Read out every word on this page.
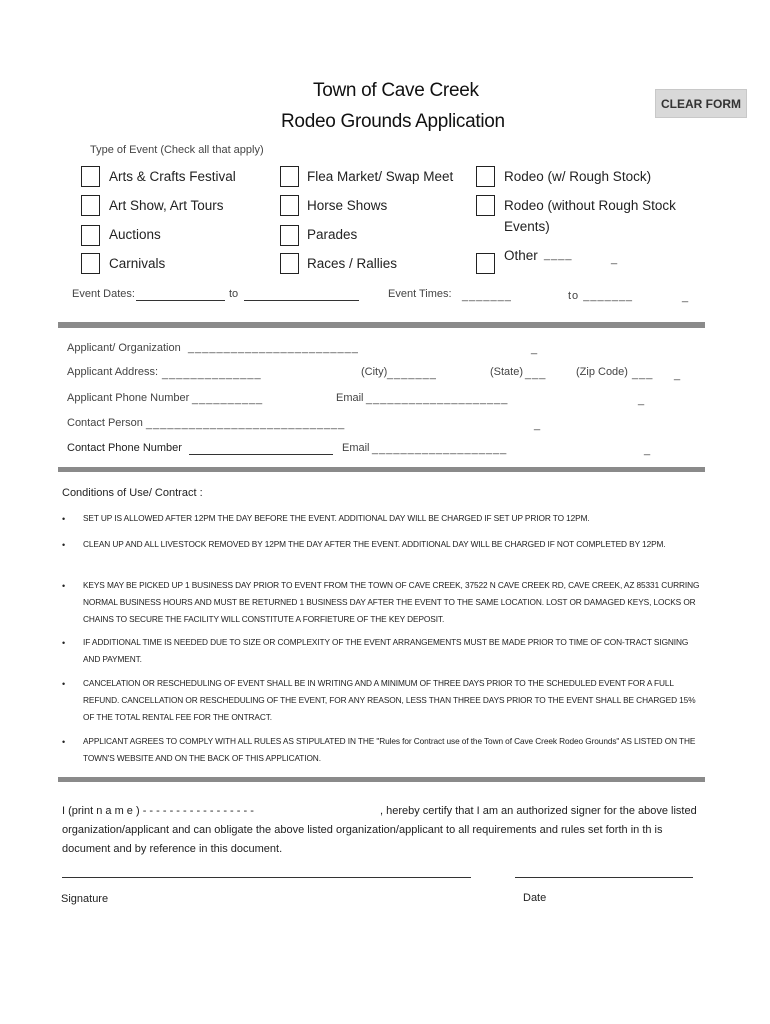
Town of Cave Creek
Rodeo Grounds Application
CLEAR FORM
Type of Event (Check all that apply)
Arts & Crafts Festival
Art Show, Art Tours
Auctions
Carnivals
Flea Market/ Swap Meet
Horse Shows
Parades
Races / Rallies
Rodeo (w/ Rough Stock)
Rodeo (without Rough Stock
Events)
Other ____	_
Event Dates:	to	Event Times: _______	to _______	_
Applicant/ Organization ________________________	_
Applicant Address: ______________	(City) _______	(State) ___	(Zip Code) ___ _
Applicant Phone Number __________	Email ____________________	_
Contact Person ____________________________	_
Contact Phone Number	Email ___________________	_
Conditions of Use/ Contract :
• SET UP IS ALLOWED AFTER 12PM THE DAY BEFORE THE EVENT. ADDITIONAL DAY WILL BE CHARGED IF SET UP PRIOR TO 12PM.
• CLEAN UP AND ALL LIVESTOCK REMOVED BY 12PM THE DAY AFTER THE EVENT. ADDITIONAL DAY WILL BE CHARGED IF NOT COMPLETED BY 12PM.
• KEYS MAY BE PICKED UP 1 BUSINESS DAY PRIOR TO EVENT FROM THE TOWN OF CAVE CREEK, 37522 N CAVE CREEK RD, CAVE CREEK, AZ 85331 CURRING NORMAL BUSINESS HOURS AND MUST BE RETURNED 1 BUSINESS DAY AFTER THE EVENT TO THE SAME LOCATION. LOST OR DAMAGED KEYS, LOCKS OR CHAINS TO SECURE THE FACILITY WILL CONSTITUTE A FORFIETURE OF THE KEY DEPOSIT.
• IF ADDITIONAL TIME IS NEEDED DUE TO SIZE OR COMPLEXITY OF THE EVENT ARRANGEMENTS MUST BE MADE PRIOR TO TIME OF CON-TRACT SIGNING AND PAYMENT.
• CANCELATION OR RESCHEDULING OF EVENT SHALL BE IN WRITING AND A MINIMUM OF THREE DAYS PRIOR TO THE SCHEDULED EVENT FOR A FULL REFUND. CANCELLATION OR RESCHEDULING OF THE EVENT, FOR ANY REASON, LESS THAN THREE DAYS PRIOR TO THE EVENT SHALL BE CHARGED 15% OF THE TOTAL RENTAL FEE FOR THE ONTRACT.
• APPLICANT AGREES TO COMPLY WITH ALL RULES AS STIPULATED IN THE "Rules for Contract use of the Town of Cave Creek Rodeo Grounds" AS LISTED ON THE TOWN'S WEBSITE AND ON THE BACK OF THIS APPLICATION.
I (print n a m e ) - - - - - - - - - - - - - - - - -	, hereby certify that I am an authorized signer for the above listed
organization/applicant and can obligate the above listed organization/applicant to all requirements and rules set forth in th is document and by reference in this document.
Signature	Date
